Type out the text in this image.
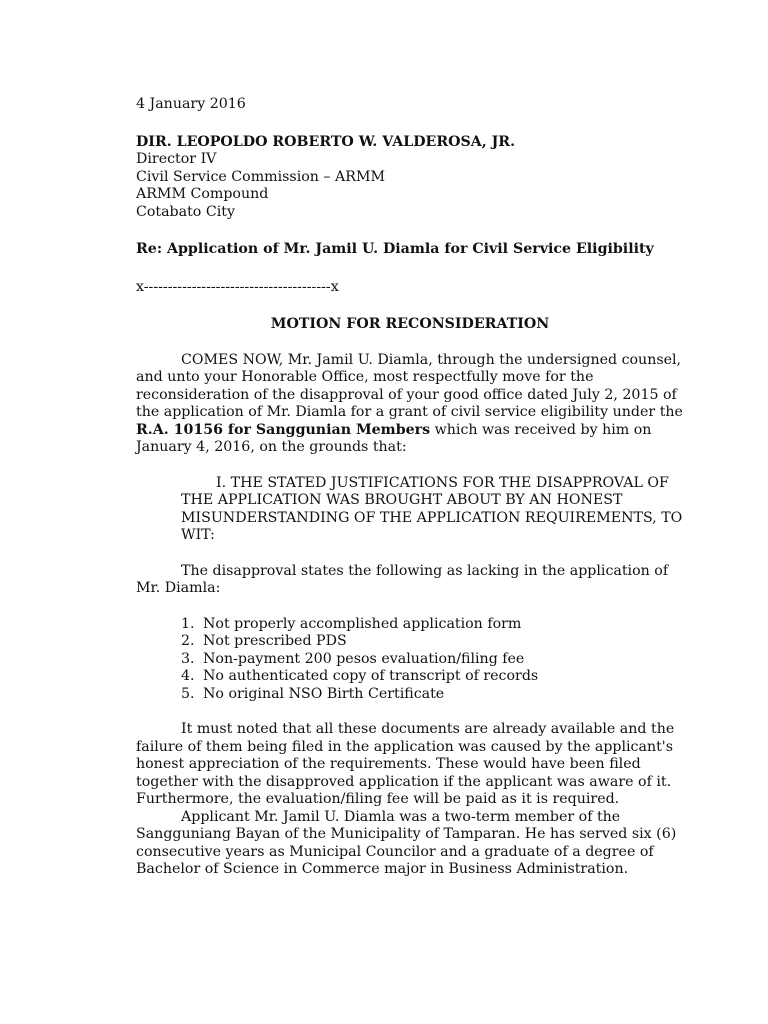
4 January 2016

DIR. LEOPOLDO ROBERTO W. VALDEROSA, JR.

Director IV

Civil Service Commission – ARMM

ARMM Compound

Cotabato City

Re: Application of Mr. Jamil U. Diamla for Civil Service Eligibility

x---------------------------------------x

MOTION FOR RECONSIDERATION

COMES NOW, Mr. Jamil U. Diamla, through the undersigned counsel, and unto your Honorable Office, most respectfully move for the reconsideration of the disapproval of your good office dated July 2, 2015 of the application of Mr. Diamla for a grant of civil service eligibility under the R.A. 10156 for Sanggunian Members which was received by him on January 4, 2016, on the grounds that:

I. THE STATED JUSTIFICATIONS FOR THE DISAPPROVAL OF THE APPLICATION WAS BROUGHT ABOUT BY AN HONEST MISUNDERSTANDING OF THE APPLICATION REQUIREMENTS, TO WIT:

The disapproval states the following as lacking in the application of Mr. Diamla:

1. Not properly accomplished application form
2. Not prescribed PDS
3. Non-payment 200 pesos evaluation/filing fee
4. No authenticated copy of transcript of records
5. No original NSO Birth Certificate

It must noted that all these documents are already available and the failure of them being filed in the application was caused by the applicant's honest appreciation of the requirements. These would have been filed together with the disapproved application if the applicant was aware of it. Furthermore, the evaluation/filing fee will be paid as it is required.

Applicant Mr. Jamil U. Diamla was a two-term member of the Sangguniang Bayan of the Municipality of Tamparan. He has served six (6) consecutive years as Municipal Councilor and a graduate of a degree of Bachelor of Science in Commerce major in Business Administration.
